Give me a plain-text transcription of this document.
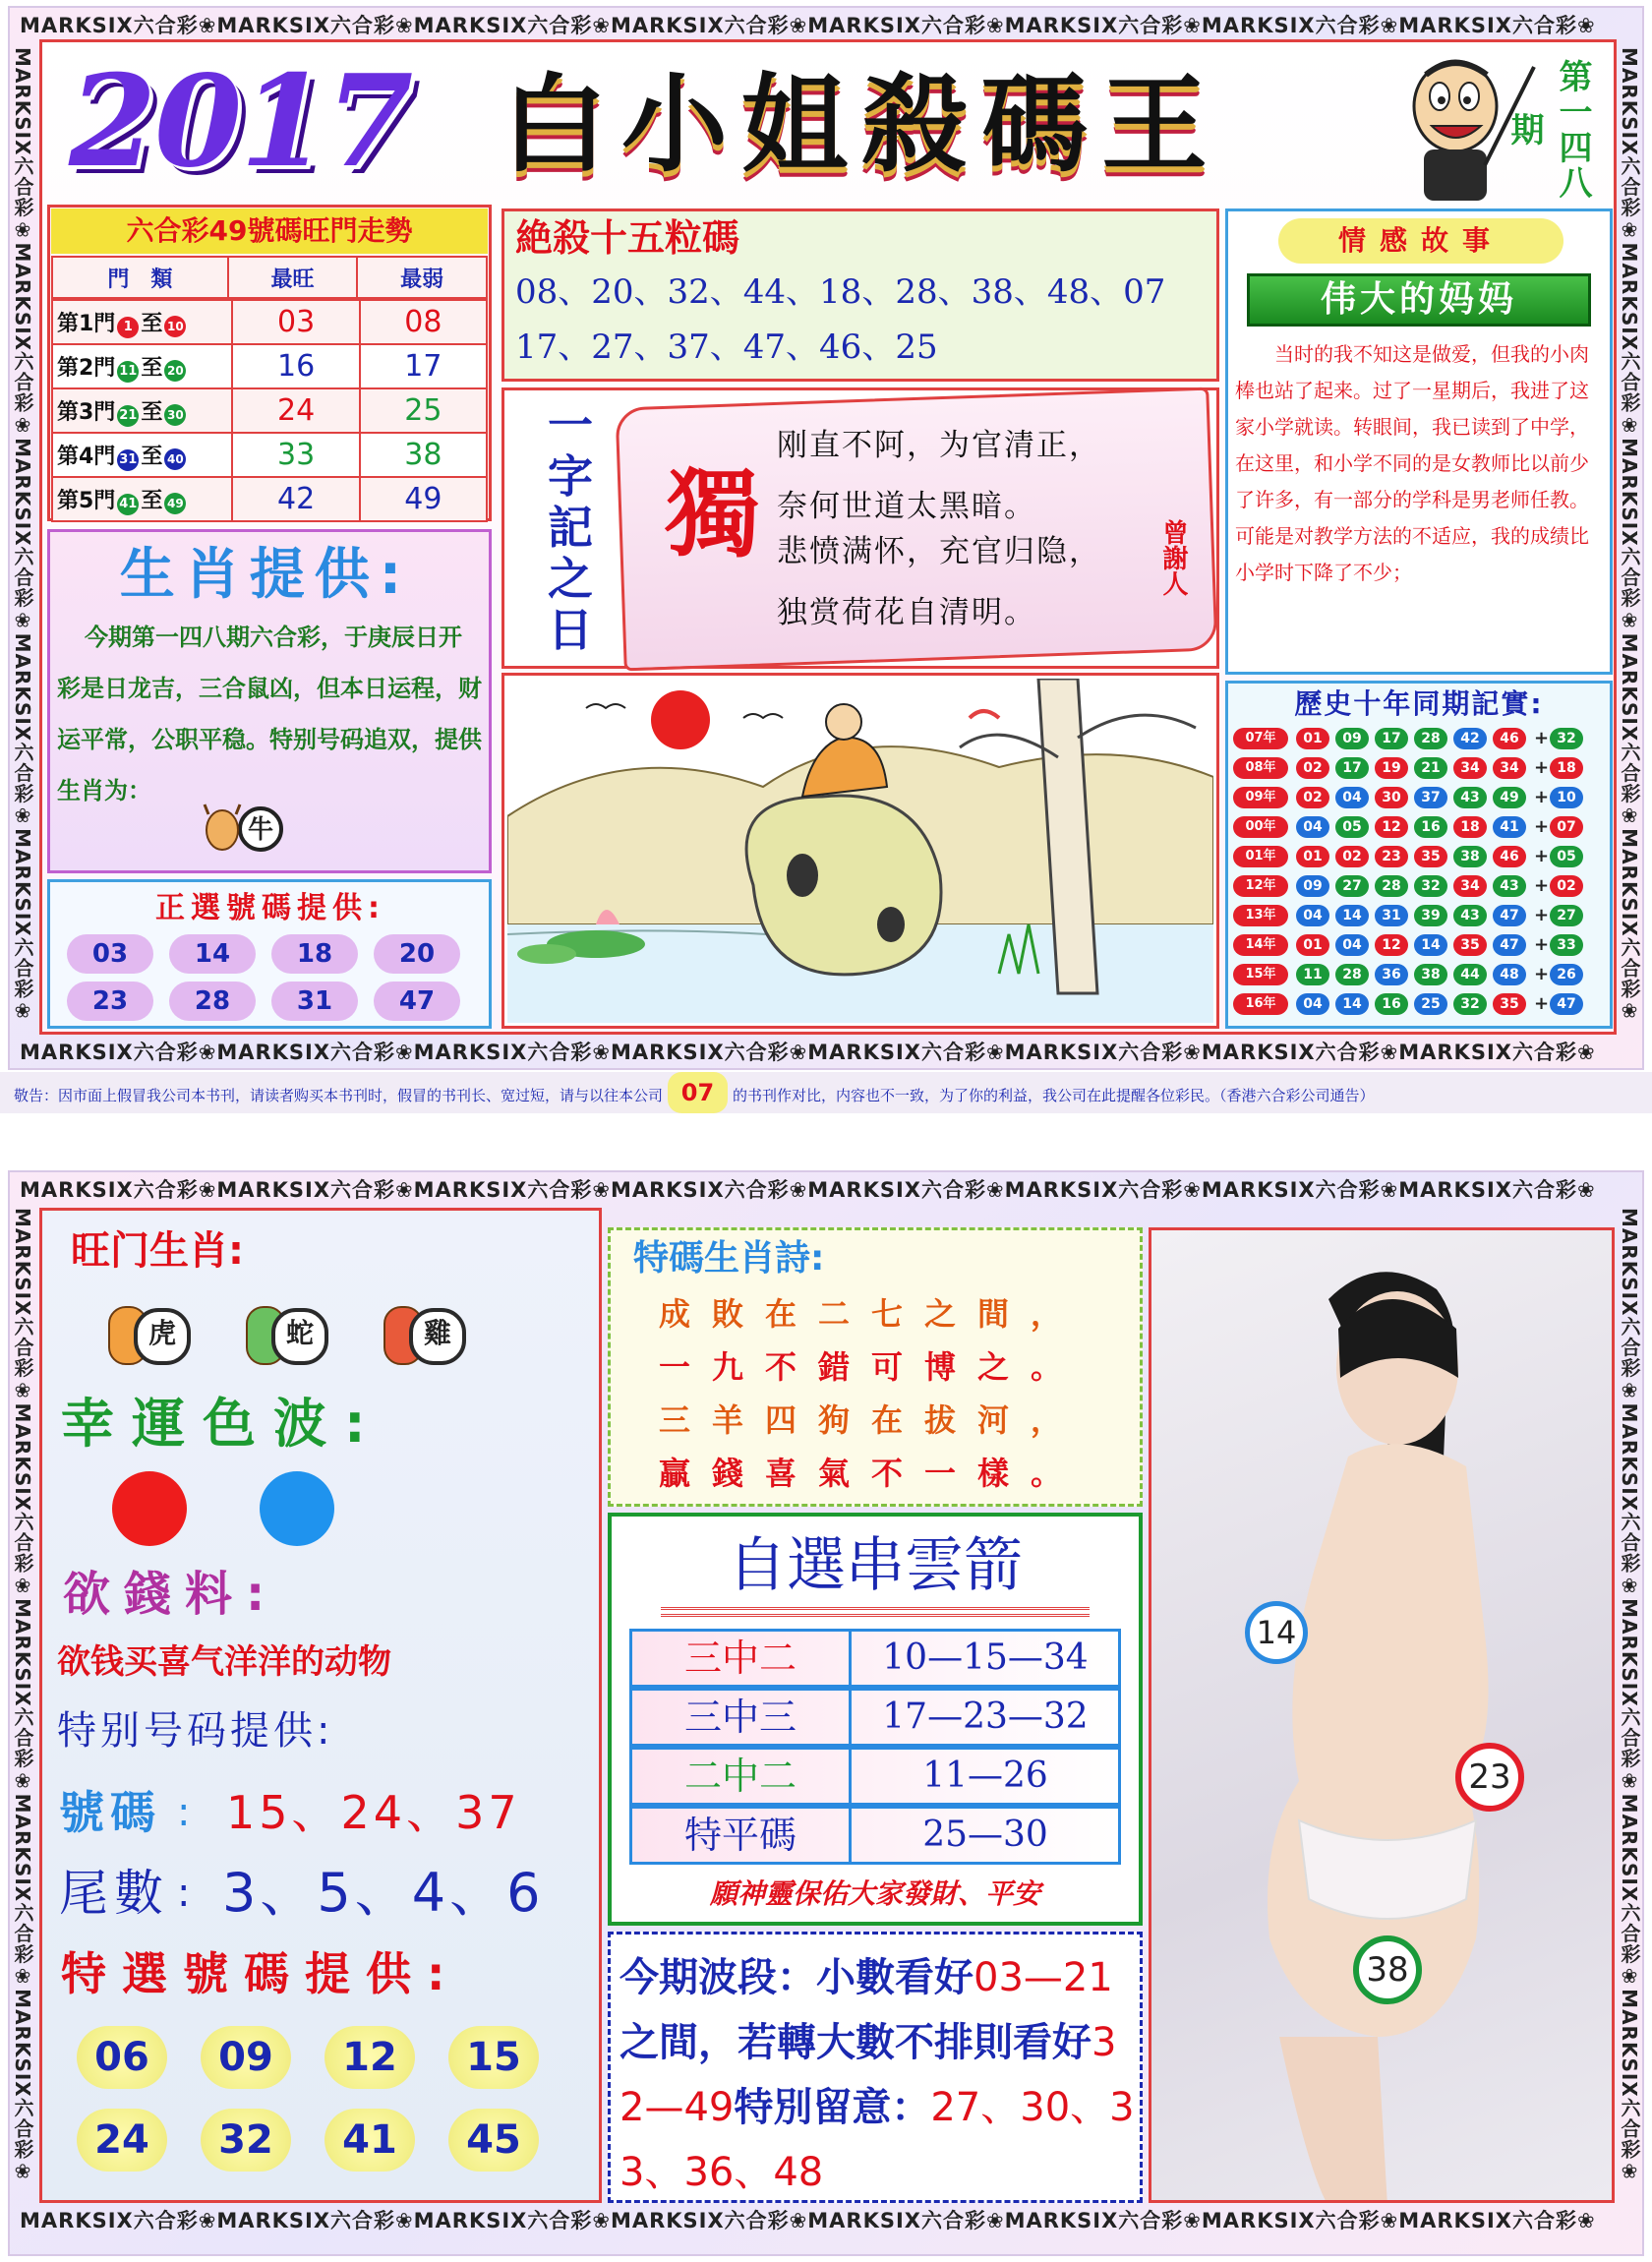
MARKSIX六合彩❀MARKSIX六合彩❀MARKSIX六合彩❀MARKSIX六合彩❀MARKSIX六合彩❀MARKSIX六合彩❀MARKSIX六合彩❀MARKSIX六合彩❀
MARKSIX六合彩❀MARKSIX六合彩❀MARKSIX六合彩❀MARKSIX六合彩❀MARKSIX六合彩❀MARKSIX六合彩❀MARKSIX六合彩❀MARKSIX六合彩❀
MARKSIX六合彩❀MARKSIX六合彩❀MARKSIX六合彩❀MARKSIX六合彩❀MARKSIX六合彩❀	MARKSIX六合彩❀MARKSIX六合彩❀MARKSIX六合彩❀MARKSIX六合彩❀MARKSIX六合彩❀
2017 白小姐殺碼王	第一四八期
六合彩49號碼旺門走勢
門　類	最旺	最弱
第1門 1 至 10	03	08
第2門 11 至 20	16	17
第3門 21 至 30	24	25
第4門 31 至 40	33	38
第5門 41 至 49	42	49
生肖提供:
今期第一四八期六合彩，于庚辰日开彩是日龙吉，三合鼠凶，但本日运程，财运平常，公职平稳。特别号码追双，提供生肖为：
牛
正選號碼提供:
03	14	18	20
23	28	31	47
絶殺十五粒碼
08、20、32、44、18、28、38、48、07
17、27、37、47、46、25
一字記之日 獨
刚直不阿，为官清正，
奈何世道太黑暗。
悲愤满怀，充官归隐，
独赏荷花自清明。
曾謝人
情感故事
伟大的妈妈
当时的我不知这是做爱，但我的小肉棒也站了起来。过了一星期后，我进了这家小学就读。转眼间，我已读到了中学，在这里，和小学不同的是女教师比以前少了许多，有一部分的学科是男老师任教。可能是对教学方法的不适应，我的成绩比小学时下降了不少；
歷史十年同期記實:
07年	01	09	17	28	42	46 + 32
08年	02	17	19	21	34	34 + 18
09年	02	04	30	37	43	49 + 10
00年	04	05	12	16	18	41 + 07
01年	01	02	23	35	38	46 + 05
12年	09	27	28	32	34	43 + 02
13年	04	14	31	39	43	47 + 27
14年	01	04	12	14	35	47 + 33
15年	11	28	36	38	44	48 + 26
16年	04	14	16	25	32	35 + 47
敬告：因市面上假冒我公司本书刊，请读者购买本书刊时，假冒的书刊长、宽过短，请与以往本公司 07 的书刊作对比，内容也不一致，为了你的利益，我公司在此提醒各位彩民。（香港六合彩公司通告）
MARKSIX六合彩❀MARKSIX六合彩❀MARKSIX六合彩❀MARKSIX六合彩❀MARKSIX六合彩❀MARKSIX六合彩❀MARKSIX六合彩❀MARKSIX六合彩❀
MARKSIX六合彩❀MARKSIX六合彩❀MARKSIX六合彩❀MARKSIX六合彩❀MARKSIX六合彩❀MARKSIX六合彩❀MARKSIX六合彩❀MARKSIX六合彩❀
MARKSIX六合彩❀MARKSIX六合彩❀MARKSIX六合彩❀MARKSIX六合彩❀MARKSIX六合彩❀	MARKSIX六合彩❀MARKSIX六合彩❀MARKSIX六合彩❀MARKSIX六合彩❀MARKSIX六合彩❀
旺门生肖:
虎	蛇	雞
幸運色波:
欲錢料:
欲钱买喜气洋洋的动物
特别号码提供:
號碼 : 15、24、37
尾數 : 3、5、4、6
特選號碼提供:
06	09	12	15
24	32	41	45
特碼生肖詩:
成敗在二七之間，
一九不錯可博之。
三羊四狗在拔河，
贏錢喜氣不一樣。
自選串雲箭
三中二	10—15—34
三中三	17—23—32
二中二	11—26
特平碼	25—30
願神靈保佑大家發財、平安
今期波段：小數看好03—21之間，若轉大數不排則看好32—49特別留意：27、30、33、36、48
14
23
38
